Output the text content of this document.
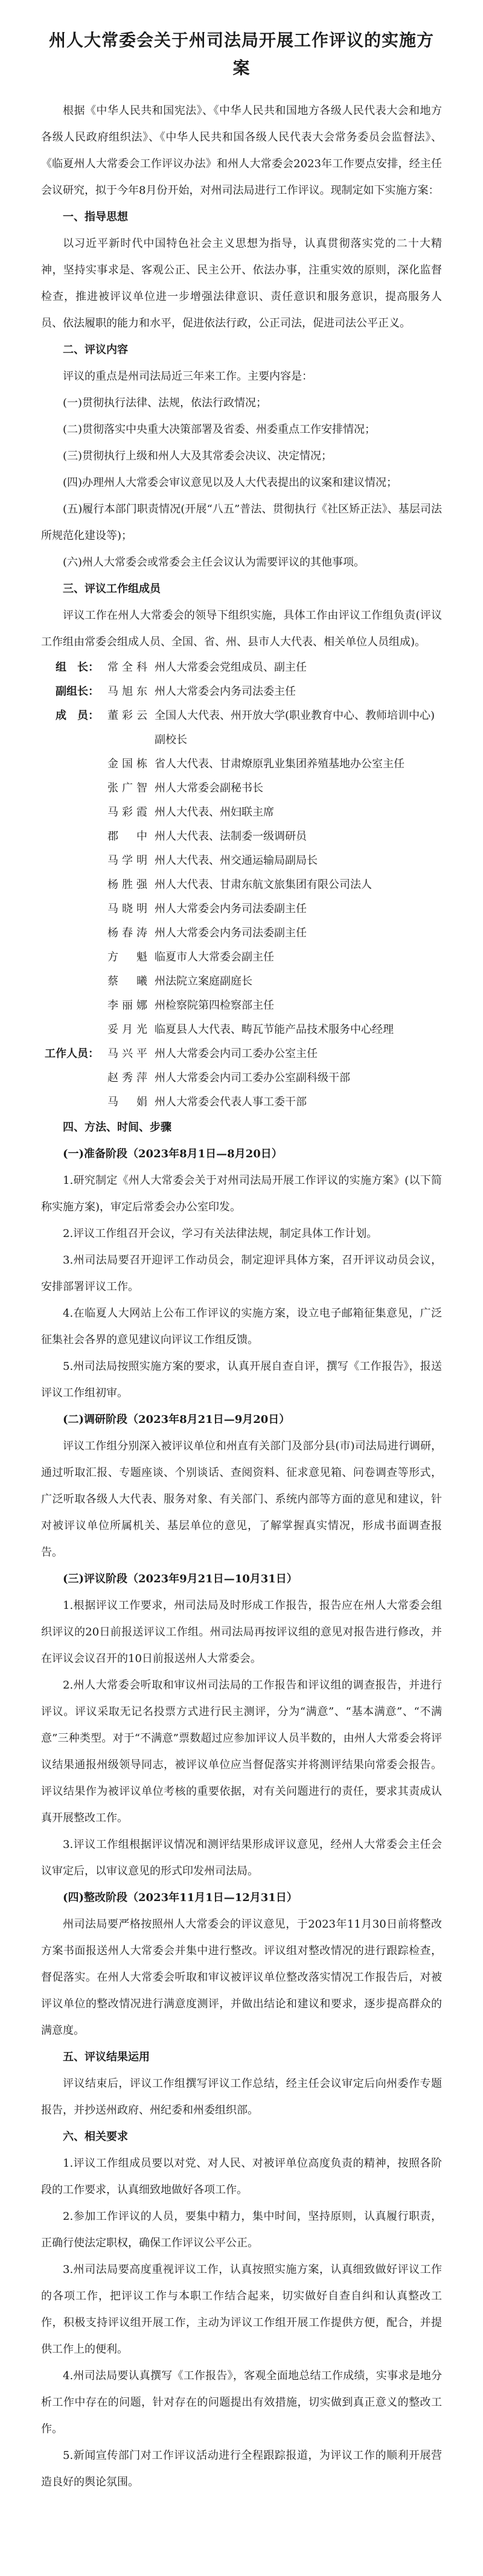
州人大常委会关于州司法局开展工作评议的实施方案

根据《中华人民共和国宪法》、《中华人民共和国地方各级人民代表大会和地方各级人民政府组织法》、《中华人民共和国各级人民代表大会常务委员会监督法》、《临夏州人大常委会工作评议办法》和州人大常委会2023年工作要点安排，经主任会议研究，拟于今年8月份开始，对州司法局进行工作评议。现制定如下实施方案：

一、指导思想

以习近平新时代中国特色社会主义思想为指导，认真贯彻落实党的二十大精神，坚持实事求是、客观公正、民主公开、依法办事，注重实效的原则，深化监督检查，推进被评议单位进一步增强法律意识、责任意识和服务意识，提高服务人员、依法履职的能力和水平，促进依法行政，公正司法，促进司法公平正义。

二、评议内容

评议的重点是州司法局近三年来工作。主要内容是：

(一)贯彻执行法律、法规，依法行政情况；
(二)贯彻落实中央重大决策部署及省委、州委重点工作安排情况；
(三)贯彻执行上级和州人大及其常委会决议、决定情况；
(四)办理州人大常委会审议意见以及人大代表提出的议案和建议情况；
(五)履行本部门职责情况(开展“八五”普法、贯彻执行《社区矫正法》、基层司法所规范化建设等)；
(六)州人大常委会或常委会主任会议认为需要评议的其他事项。

三、评议工作组成员

评议工作在州人大常委会的领导下组织实施，具体工作由评议工作组负责(评议工作组由常委会组成人员、全国、省、州、县市人大代表、相关单位人员组成)。

组　长： 常全科 州人大常委会党组成员、副主任
副组长： 马旭东 州人大常委会内务司法委主任
成　员： 董彩云 全国人大代表、州开放大学(职业教育中心、教师培训中心)副校长
金国栋 省人大代表、甘肃燎原乳业集团养殖基地办公室主任
张广智 州人大常委会副秘书长
马彩霞 州人大代表、州妇联主席
郡　中 州人大代表、法制委一级调研员
马学明 州人大代表、州交通运输局副局长
杨胜强 州人大代表、甘肃东航文旅集团有限公司法人
马晓明 州人大常委会内务司法委副主任
杨春涛 州人大常委会内务司法委副主任
方　魁 临夏市人大常委会副主任
蔡　曦 州法院立案庭副庭长
李丽娜 州检察院第四检察部主任
妥月光 临夏县人大代表、畴瓦节能产品技术服务中心经理
工作人员： 马兴平 州人大常委会内司工委办公室主任
赵秀萍 州人大常委会内司工委办公室副科级干部
马　娟 州人大常委会代表人事工委干部

四、方法、时间、步骤

(一)准备阶段（2023年8月1日—8月20日）

1.研究制定《州人大常委会关于对州司法局开展工作评议的实施方案》(以下简称实施方案)，审定后常委会办公室印发。

2.评议工作组召开会议，学习有关法律法规，制定具体工作计划。

3.州司法局要召开迎评工作动员会，制定迎评具体方案，召开评议动员会议，安排部署评议工作。

4.在临夏人大网站上公布工作评议的实施方案，设立电子邮箱征集意见，广泛征集社会各界的意见建议向评议工作组反馈。

5.州司法局按照实施方案的要求，认真开展自查自评，撰写《工作报告》，报送评议工作组初审。

(二)调研阶段（2023年8月21日—9月20日）

评议工作组分别深入被评议单位和州直有关部门及部分县(市)司法局进行调研，通过听取汇报、专题座谈、个别谈话、查阅资料、征求意见箱、问卷调查等形式，广泛听取各级人大代表、服务对象、有关部门、系统内部等方面的意见和建议，针对被评议单位所属机关、基层单位的意见，了解掌握真实情况，形成书面调查报告。

(三)评议阶段（2023年9月21日—10月31日）

1.根据评议工作要求，州司法局及时形成工作报告，报告应在州人大常委会组织评议的20日前报送评议工作组。州司法局再按评议组的意见对报告进行修改，并在评议会议召开的10日前报送州人大常委会。

2.州人大常委会听取和审议州司法局的工作报告和评议组的调查报告，并进行评议。评议采取无记名投票方式进行民主测评，分为“满意”、“基本满意”、“不满意”三种类型。对于“不满意”票数超过应参加评议人员半数的，由州人大常委会将评议结果通报州级领导同志，被评议单位应当督促落实并将测评结果向常委会报告。评议结果作为被评议单位考核的重要依据，对有关问题进行的责任，要求其责成认真开展整改工作。

3.评议工作组根据评议情况和测评结果形成评议意见，经州人大常委会主任会议审定后，以审议意见的形式印发州司法局。

(四)整改阶段（2023年11月1日—12月31日）

州司法局要严格按照州人大常委会的评议意见，于2023年11月30日前将整改方案书面报送州人大常委会并集中进行整改。评议组对整改情况的进行跟踪检查，督促落实。在州人大常委会听取和审议被评议单位整改落实情况工作报告后，对被评议单位的整改情况进行满意度测评，并做出结论和建议和要求，逐步提高群众的满意度。

五、评议结果运用

评议结束后，评议工作组撰写评议工作总结，经主任会议审定后向州委作专题报告，并抄送州政府、州纪委和州委组织部。

六、相关要求

1.评议工作组成员要以对党、对人民、对被评单位高度负责的精神，按照各阶段的工作要求，认真细致地做好各项工作。
2.参加工作评议的人员，要集中精力，集中时间，坚持原则，认真履行职责，正确行使法定职权，确保工作评议公平公正。
3.州司法局要高度重视评议工作，认真按照实施方案，认真细致做好评议工作的各项工作，把评议工作与本职工作结合起来，切实做好自查自纠和认真整改工作，积极支持评议组开展工作，主动为评议工作组开展工作提供方便，配合，并提供工作上的便利。
4.州司法局要认真撰写《工作报告》，客观全面地总结工作成绩，实事求是地分析工作中存在的问题，针对存在的问题提出有效措施，切实做到真正意义的整改工作。
5.新闻宣传部门对工作评议活动进行全程跟踪报道，为评议工作的顺利开展营造良好的舆论氛围。
